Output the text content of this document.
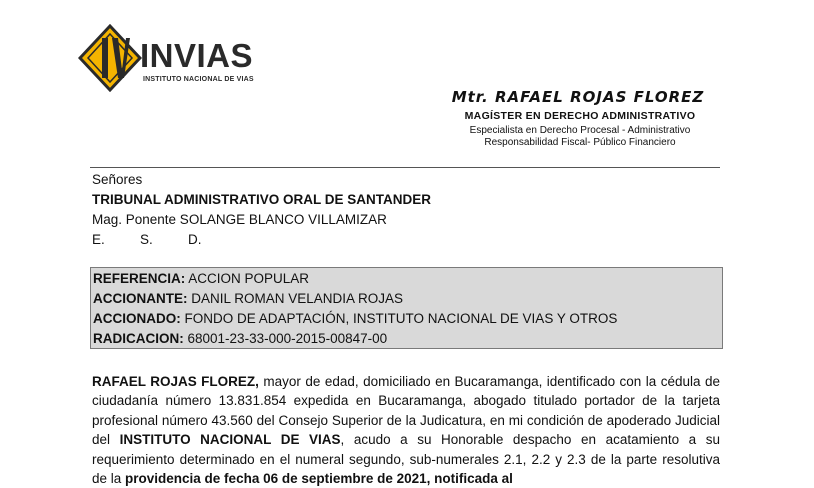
INVIAS
INSTITUTO NACIONAL DE VIAS
Mtr. RAFAEL ROJAS FLOREZ
MAGÍSTER EN DERECHO ADMINISTRATIVO
Especialista en Derecho Procesal - Administrativo
Responsabilidad Fiscal- Público Financiero
Señores
TRIBUNAL ADMINISTRATIVO ORAL DE SANTANDER
Mag. Ponente SOLANGE BLANCO VILLAMIZAR
E.	S.	D.
REFERENCIA: ACCION POPULAR
ACCIONANTE: DANIL ROMAN VELANDIA ROJAS
ACCIONADO: FONDO DE ADAPTACIÓN, INSTITUTO NACIONAL DE VIAS Y OTROS
RADICACION: 68001-23-33-000-2015-00847-00
RAFAEL ROJAS FLOREZ, mayor de edad, domiciliado en Bucaramanga, identificado con la cédula de ciudadanía número 13.831.854 expedida en Bucaramanga, abogado titulado portador de la tarjeta profesional número 43.560 del Consejo Superior de la Judicatura, en mi condición de apoderado Judicial del INSTITUTO NACIONAL DE VIAS, acudo a su Honorable despacho en acatamiento a su requerimiento determinado en el numeral segundo, sub-numerales 2.1, 2.2 y 2.3 de la parte resolutiva de la providencia de fecha 06 de septiembre de 2021, notificada al
